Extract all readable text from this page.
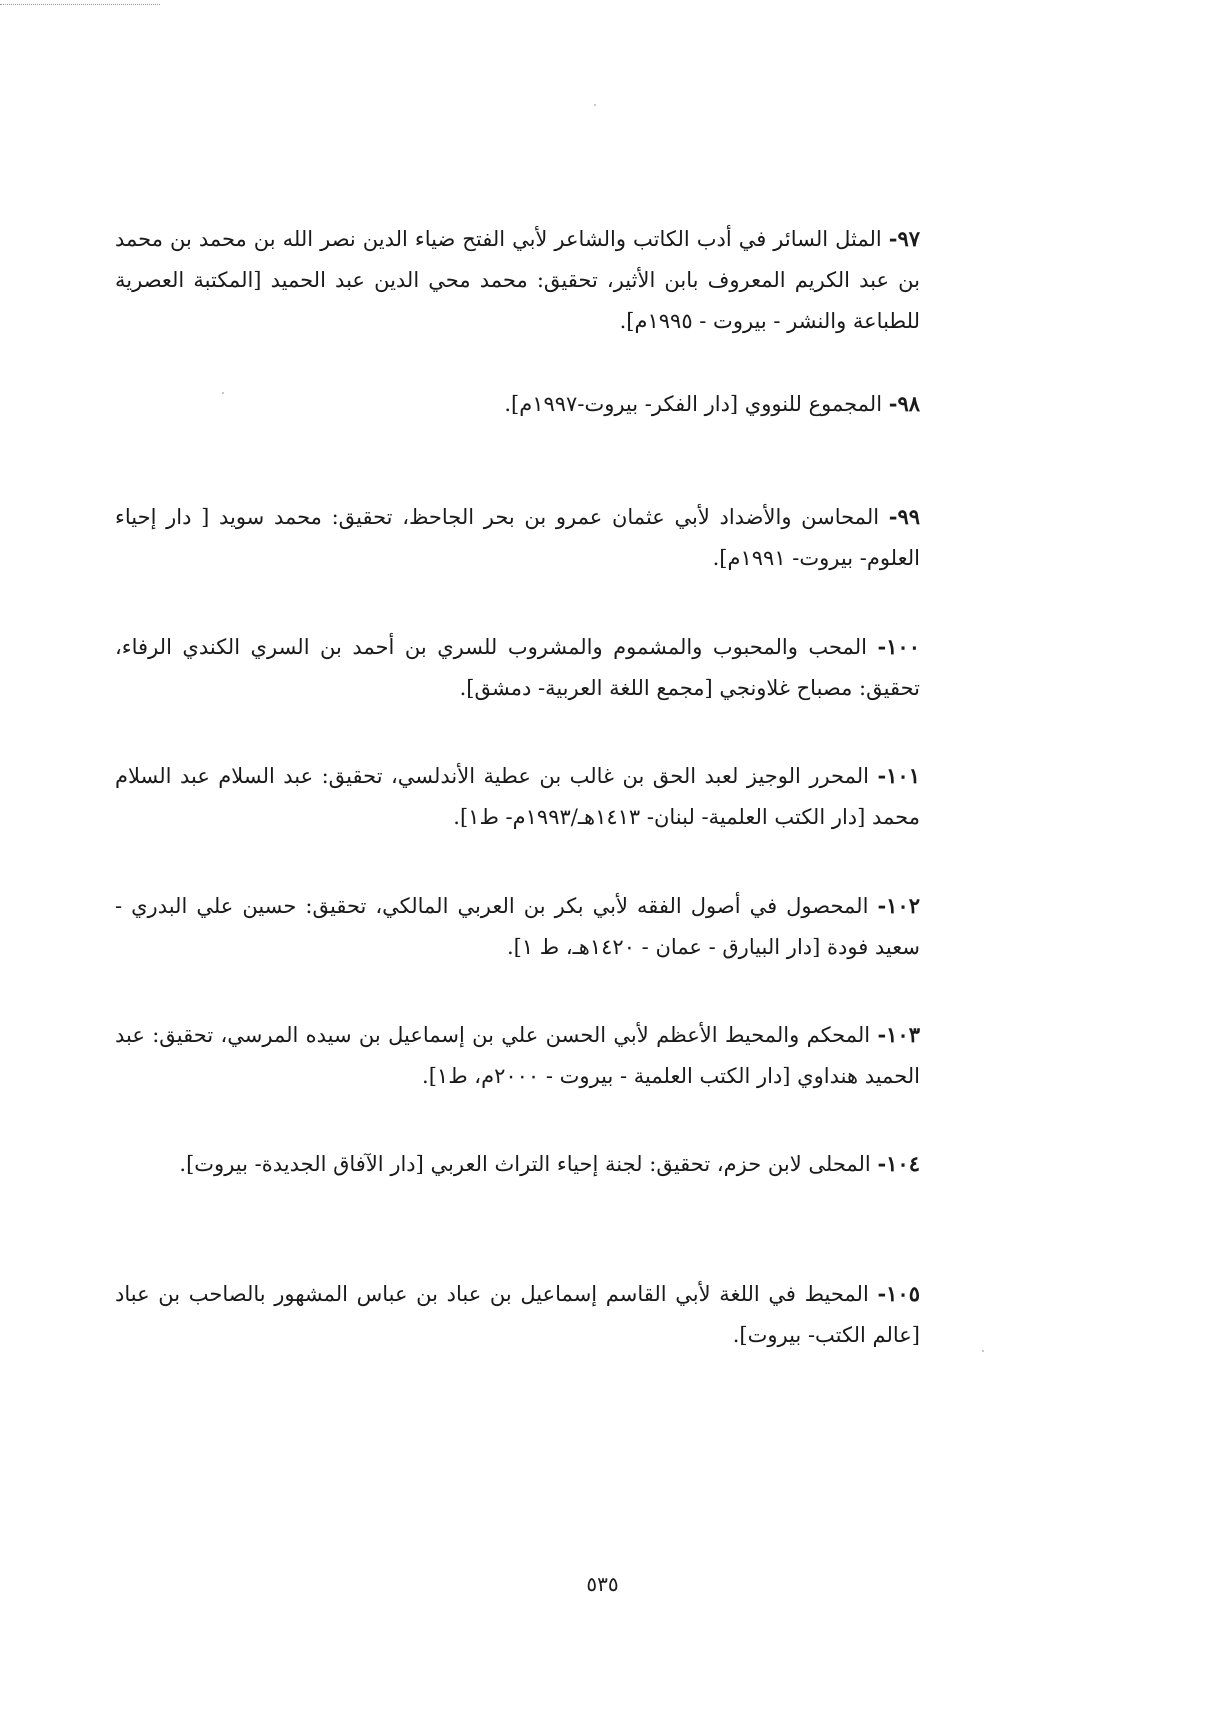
٩٧- المثل السائر في أدب الكاتب والشاعر لأبي الفتح ضياء الدين نصر الله بن محمد بن محمد بن عبد الكريم المعروف بابن الأثير، تحقيق: محمد محي الدين عبد الحميد [المكتبة العصرية للطباعة والنشر - بيروت - ١٩٩٥م].

٩٨- المجموع للنووي [دار الفكر- بيروت-١٩٩٧م].

٩٩- المحاسن والأضداد لأبي عثمان عمرو بن بحر الجاحظ، تحقيق: محمد سويد [ دار إحياء العلوم- بيروت- ١٩٩١م].

١٠٠- المحب والمحبوب والمشموم والمشروب للسري بن أحمد بن السري الكندي الرفاء، تحقيق: مصباح غلاونجي [مجمع اللغة العربية- دمشق].

١٠١- المحرر الوجيز لعبد الحق بن غالب بن عطية الأندلسي، تحقيق: عبد السلام عبد السلام محمد [دار الكتب العلمية- لبنان- ١٤١٣هـ/١٩٩٣م- ط١].

١٠٢- المحصول في أصول الفقه لأبي بكر بن العربي المالكي، تحقيق: حسين علي البدري - سعيد فودة [دار البيارق - عمان - ١٤٢٠هـ، ط ١].

١٠٣- المحكم والمحيط الأعظم لأبي الحسن علي بن إسماعيل بن سيده المرسي، تحقيق: عبد الحميد هنداوي [دار الكتب العلمية - بيروت - ٢٠٠٠م، ط١].

١٠٤- المحلى لابن حزم، تحقيق: لجنة إحياء التراث العربي [دار الآفاق الجديدة- بيروت].

١٠٥- المحيط في اللغة لأبي القاسم إسماعيل بن عباد بن عباس المشهور بالصاحب بن عباد [عالم الكتب- بيروت].

٥٣٥
